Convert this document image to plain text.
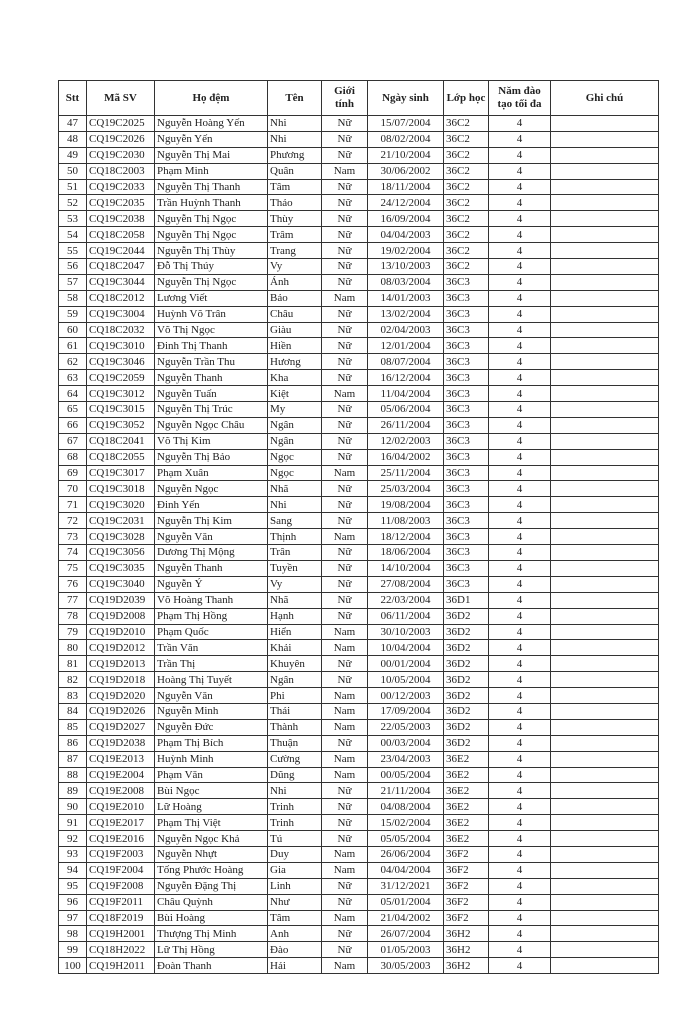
Stt	Mã SV	Họ đệm	Tên	Giới tính	Ngày sinh	Lớp học	Năm đào tạo tối đa	Ghi chú
47	CQ19C2025	Nguyễn Hoàng Yến	Nhi	Nữ	15/07/2004	36C2	4	
48	CQ19C2026	Nguyễn Yến	Nhi	Nữ	08/02/2004	36C2	4	
49	CQ19C2030	Nguyễn Thị Mai	Phương	Nữ	21/10/2004	36C2	4	
50	CQ18C2003	Phạm Minh	Quân	Nam	30/06/2002	36C2	4	
51	CQ19C2033	Nguyễn Thị Thanh	Tâm	Nữ	18/11/2004	36C2	4	
52	CQ19C2035	Trần Huỳnh Thanh	Thảo	Nữ	24/12/2004	36C2	4	
53	CQ19C2038	Nguyễn Thị Ngọc	Thùy	Nữ	16/09/2004	36C2	4	
54	CQ18C2058	Nguyễn Thị Ngọc	Trâm	Nữ	04/04/2003	36C2	4	
55	CQ19C2044	Nguyễn Thị Thùy	Trang	Nữ	19/02/2004	36C2	4	
56	CQ18C2047	Đỗ Thị Thúy	Vy	Nữ	13/10/2003	36C2	4	
57	CQ19C3044	Nguyễn Thị Ngọc	Ánh	Nữ	08/03/2004	36C3	4	
58	CQ18C2012	Lương Viết	Bảo	Nam	14/01/2003	36C3	4	
59	CQ19C3004	Huỳnh Võ Trân	Châu	Nữ	13/02/2004	36C3	4	
60	CQ18C2032	Võ Thị Ngọc	Giàu	Nữ	02/04/2003	36C3	4	
61	CQ19C3010	Đinh Thị Thanh	Hiền	Nữ	12/01/2004	36C3	4	
62	CQ19C3046	Nguyễn Trần Thu	Hương	Nữ	08/07/2004	36C3	4	
63	CQ19C2059	Nguyễn Thanh	Kha	Nữ	16/12/2004	36C3	4	
64	CQ19C3012	Nguyễn Tuấn	Kiệt	Nam	11/04/2004	36C3	4	
65	CQ19C3015	Nguyễn Thị Trúc	My	Nữ	05/06/2004	36C3	4	
66	CQ19C3052	Nguyễn Ngọc Châu	Ngân	Nữ	26/11/2004	36C3	4	
67	CQ18C2041	Võ Thị Kim	Ngân	Nữ	12/02/2003	36C3	4	
68	CQ18C2055	Nguyễn Thị Bảo	Ngọc	Nữ	16/04/2002	36C3	4	
69	CQ19C3017	Phạm Xuân	Ngọc	Nam	25/11/2004	36C3	4	
70	CQ19C3018	Nguyễn Ngọc	Nhã	Nữ	25/03/2004	36C3	4	
71	CQ19C3020	Đinh Yến	Nhi	Nữ	19/08/2004	36C3	4	
72	CQ19C2031	Nguyễn Thị Kim	Sang	Nữ	11/08/2003	36C3	4	
73	CQ19C3028	Nguyễn Văn	Thịnh	Nam	18/12/2004	36C3	4	
74	CQ19C3056	Dương Thị Mộng	Trân	Nữ	18/06/2004	36C3	4	
75	CQ19C3035	Nguyễn Thanh	Tuyền	Nữ	14/10/2004	36C3	4	
76	CQ19C3040	Nguyễn Ý	Vy	Nữ	27/08/2004	36C3	4	
77	CQ19D2039	Võ Hoàng Thanh	Nhã	Nữ	22/03/2004	36D1	4	
78	CQ19D2008	Phạm Thị Hồng	Hạnh	Nữ	06/11/2004	36D2	4	
79	CQ19D2010	Phạm Quốc	Hiển	Nam	30/10/2003	36D2	4	
80	CQ19D2012	Trần Văn	Khải	Nam	10/04/2004	36D2	4	
81	CQ19D2013	Trần Thị	Khuyên	Nữ	00/01/2004	36D2	4	
82	CQ19D2018	Hoàng Thị Tuyết	Ngân	Nữ	10/05/2004	36D2	4	
83	CQ19D2020	Nguyễn Văn	Phi	Nam	00/12/2003	36D2	4	
84	CQ19D2026	Nguyễn Minh	Thái	Nam	17/09/2004	36D2	4	
85	CQ19D2027	Nguyễn Đức	Thành	Nam	22/05/2003	36D2	4	
86	CQ19D2038	Phạm Thị Bích	Thuận	Nữ	00/03/2004	36D2	4	
87	CQ19E2013	Huỳnh Minh	Cường	Nam	23/04/2003	36E2	4	
88	CQ19E2004	Phạm Văn	Dũng	Nam	00/05/2004	36E2	4	
89	CQ19E2008	Bùi Ngọc	Nhi	Nữ	21/11/2004	36E2	4	
90	CQ19E2010	Lữ Hoàng	Trinh	Nữ	04/08/2004	36E2	4	
91	CQ19E2017	Phạm Thị Việt	Trinh	Nữ	15/02/2004	36E2	4	
92	CQ19E2016	Nguyễn Ngọc Khả	Tú	Nữ	05/05/2004	36E2	4	
93	CQ19F2003	Nguyễn Nhựt	Duy	Nam	26/06/2004	36F2	4	
94	CQ19F2004	Tống Phước Hoàng	Gia	Nam	04/04/2004	36F2	4	
95	CQ19F2008	Nguyễn Đặng Thị	Linh	Nữ	31/12/2021	36F2	4	
96	CQ19F2011	Châu Quỳnh	Như	Nữ	05/01/2004	36F2	4	
97	CQ18F2019	Bùi Hoàng	Tâm	Nam	21/04/2002	36F2	4	
98	CQ19H2001	Thượng Thị Minh	Anh	Nữ	26/07/2004	36H2	4	
99	CQ18H2022	Lữ Thị Hồng	Đào	Nữ	01/05/2003	36H2	4	
100	CQ19H2011	Đoàn Thanh	Hải	Nam	30/05/2003	36H2	4	
